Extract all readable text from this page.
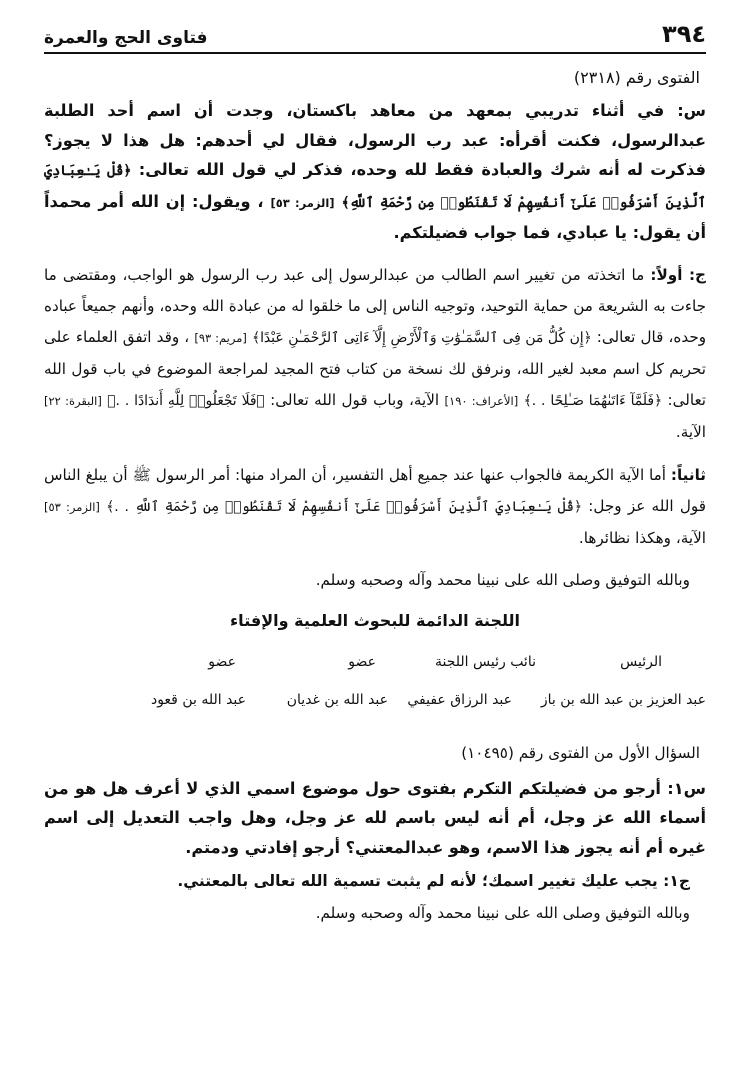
٣٩٤
فتاوى الحج والعمرة
الفتوى رقم (٢٣١٨)

س: في أثناء تدريبي بمعهد من معاهد باكستان، وجدت أن اسم أحد الطلبة عبدالرسول، فكنت أقرأه: عبد رب الرسول، فقال لي أحدهم: هل هذا لا يجوز؟ فذكرت له أنه شرك والعبادة فقط لله وحده، فذكر لي قول الله تعالى: ﴿قُلْ يَـٰعِبَادِيَ ٱلَّذِينَ أَسْرَفُوا۟ عَلَىٰٓ أَنفُسِهِمْ لَا تَقْنَطُوا۟ مِن رَّحْمَةِ ٱللَّهِ﴾ [الزمر: ٥٣] ، ويقول: إن الله أمر محمداً أن يقول: يا عبادي، فما جواب فضيلتكم.

ج: أولاً: ما اتخذته من تغيير اسم الطالب من عبدالرسول إلى عبد رب الرسول هو الواجب، ومقتضى ما جاءت به الشريعة من حماية التوحيد، وتوجيه الناس إلى ما خلقوا له من عبادة الله وحده، وأنهم جميعاً عباده وحده، قال تعالى: ﴿إِن كُلُّ مَن فِى ٱلسَّمَـٰوَٰتِ وَٱلْأَرْضِ إِلَّآ ءَاتِى ٱلرَّحْمَـٰنِ عَبْدًا﴾ [مريم: ٩٣] ، وقد اتفق العلماء على تحريم كل اسم معبد لغير الله، ونرفق لك نسخة من كتاب فتح المجيد لمراجعة الموضوع في باب قول الله تعالى: ﴿فَلَمَّآ ءَاتَىٰهُمَا صَـٰلِحًا . .﴾ [الأعراف: ١٩٠] الآية، وباب قول الله تعالى: ﴿فَلَا تَجْعَلُوا۟ لِلَّهِ أَندَادًا . .﴾ [البقرة: ٢٢] الآية.

ثانياً: أما الآية الكريمة فالجواب عنها عند جميع أهل التفسير، أن المراد منها: أمر الرسول ﷺ أن يبلغ الناس قول الله عز وجل: ﴿قُلْ يَـٰعِبَادِيَ ٱلَّذِينَ أَسْرَفُوا۟ عَلَىٰٓ أَنفُسِهِمْ لَا تَقْنَطُوا۟ مِن رَّحْمَةِ ٱللَّهِ . .﴾ [الزمر: ٥٣] الآية، وهكذا نظائرها.

وبالله التوفيق وصلى الله على نبينا محمد وآله وصحبه وسلم.

اللجنة الدائمة للبحوث العلمية والإفتاء
الرئيس
نائب رئيس اللجنة
عضو
عضو
عبد العزيز بن عبد الله بن باز
عبد الرزاق عفيفي
عبد الله بن غديان
عبد الله بن قعود
السؤال الأول من الفتوى رقم (١٠٤٩٥)

س١: أرجو من فضيلتكم التكرم بفتوى حول موضوع اسمي الذي لا أعرف هل هو من أسماء الله عز وجل، أم أنه ليس باسم لله عز وجل، وهل واجب التعديل إلى اسم غيره أم أنه يجوز هذا الاسم، وهو عبدالمعتني؟ أرجو إفادتي ودمتم.

ج١: يجب عليك تغيير اسمك؛ لأنه لم يثبت تسمية الله تعالى بالمعتني.

وبالله التوفيق وصلى الله على نبينا محمد وآله وصحبه وسلم.
